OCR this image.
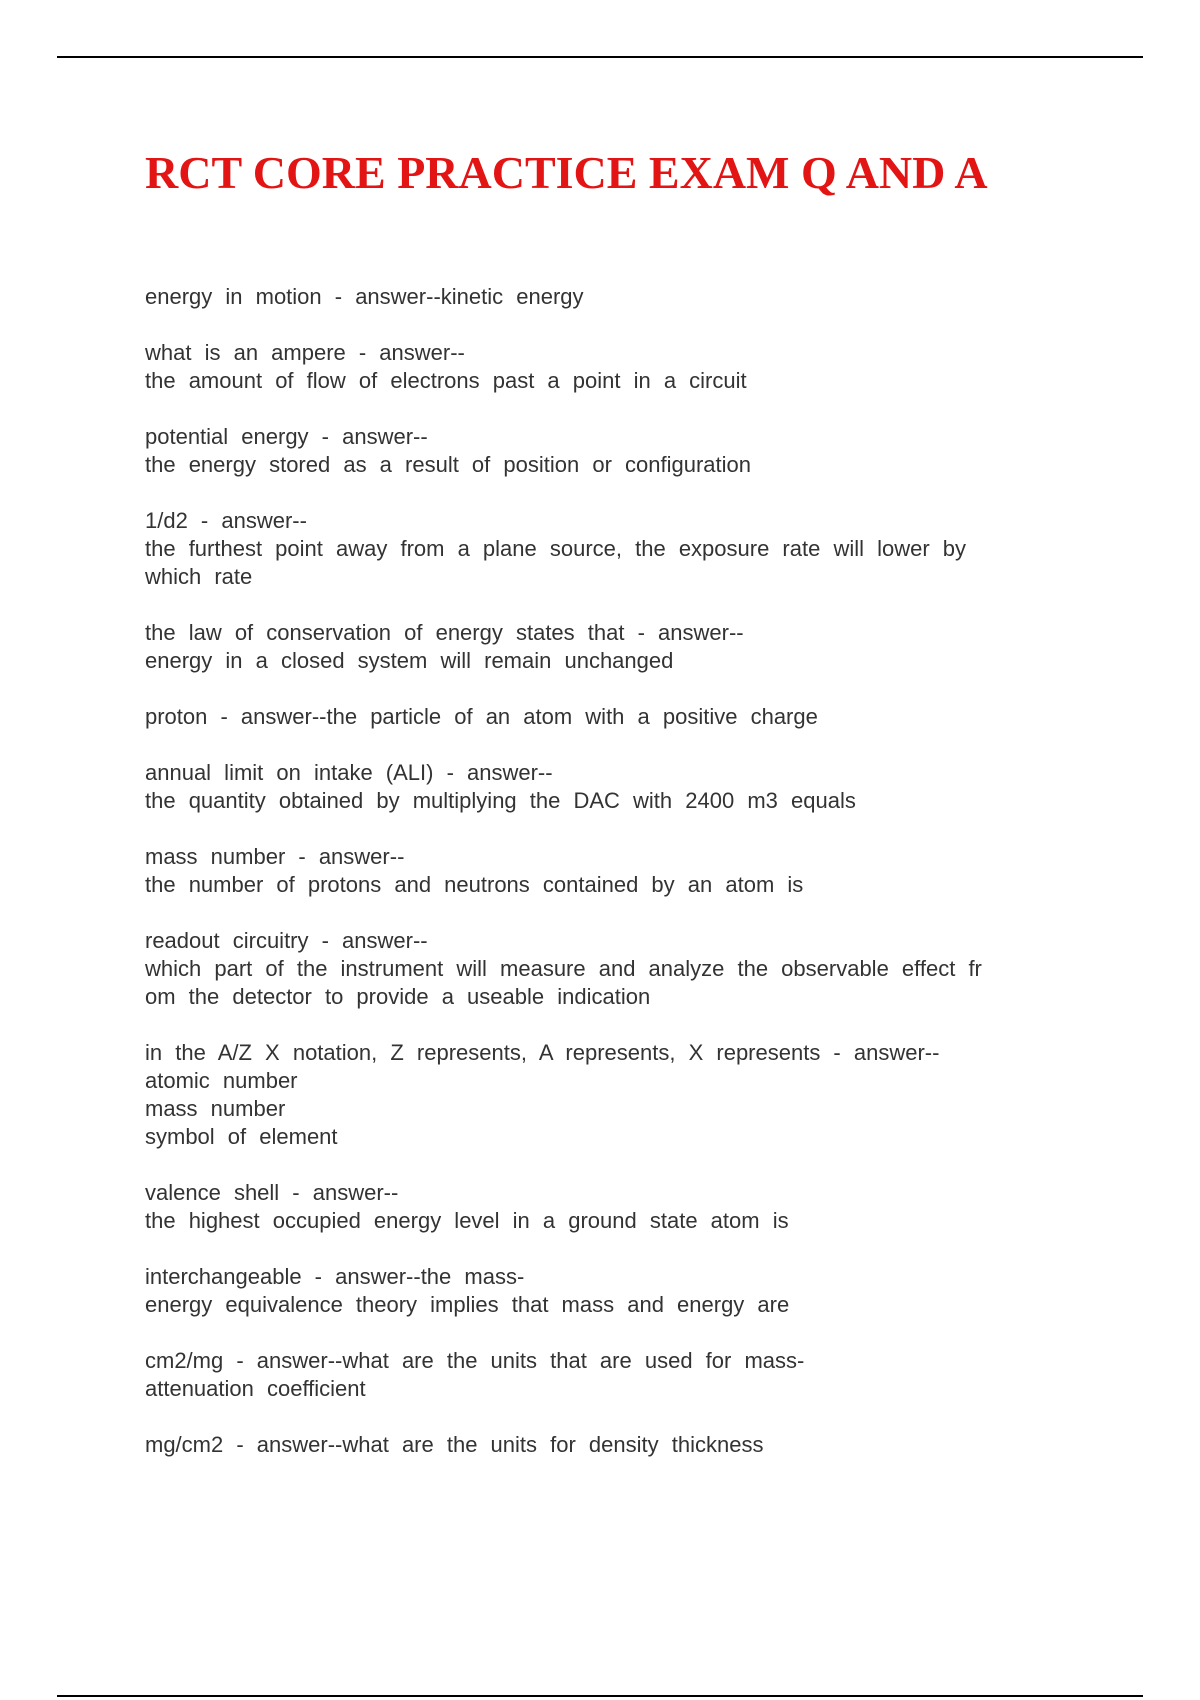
RCT CORE PRACTICE EXAM Q AND A
energy in motion - answer--kinetic energy
what is an ampere - answer--
the amount of flow of electrons past a point in a circuit
potential energy - answer--
the energy stored as a result of position or configuration
1/d2 - answer--
the furthest point away from a plane source, the exposure rate will lower by
which rate
the law of conservation of energy states that - answer--
energy in a closed system will remain unchanged
proton - answer--the particle of an atom with a positive charge
annual limit on intake (ALI) - answer--
the quantity obtained by multiplying the DAC with 2400 m3 equals
mass number - answer--
the number of protons and neutrons contained by an atom is
readout circuitry - answer--
which part of the instrument will measure and analyze the observable effect fr
om the detector to provide a useable indication
in the A/Z X notation, Z represents, A represents, X represents - answer--
atomic number
mass number
symbol of element
valence shell - answer--
the highest occupied energy level in a ground state atom is
interchangeable - answer--the mass-
energy equivalence theory implies that mass and energy are
cm2/mg - answer--what are the units that are used for mass-
attenuation coefficient
mg/cm2 - answer--what are the units for density thickness
